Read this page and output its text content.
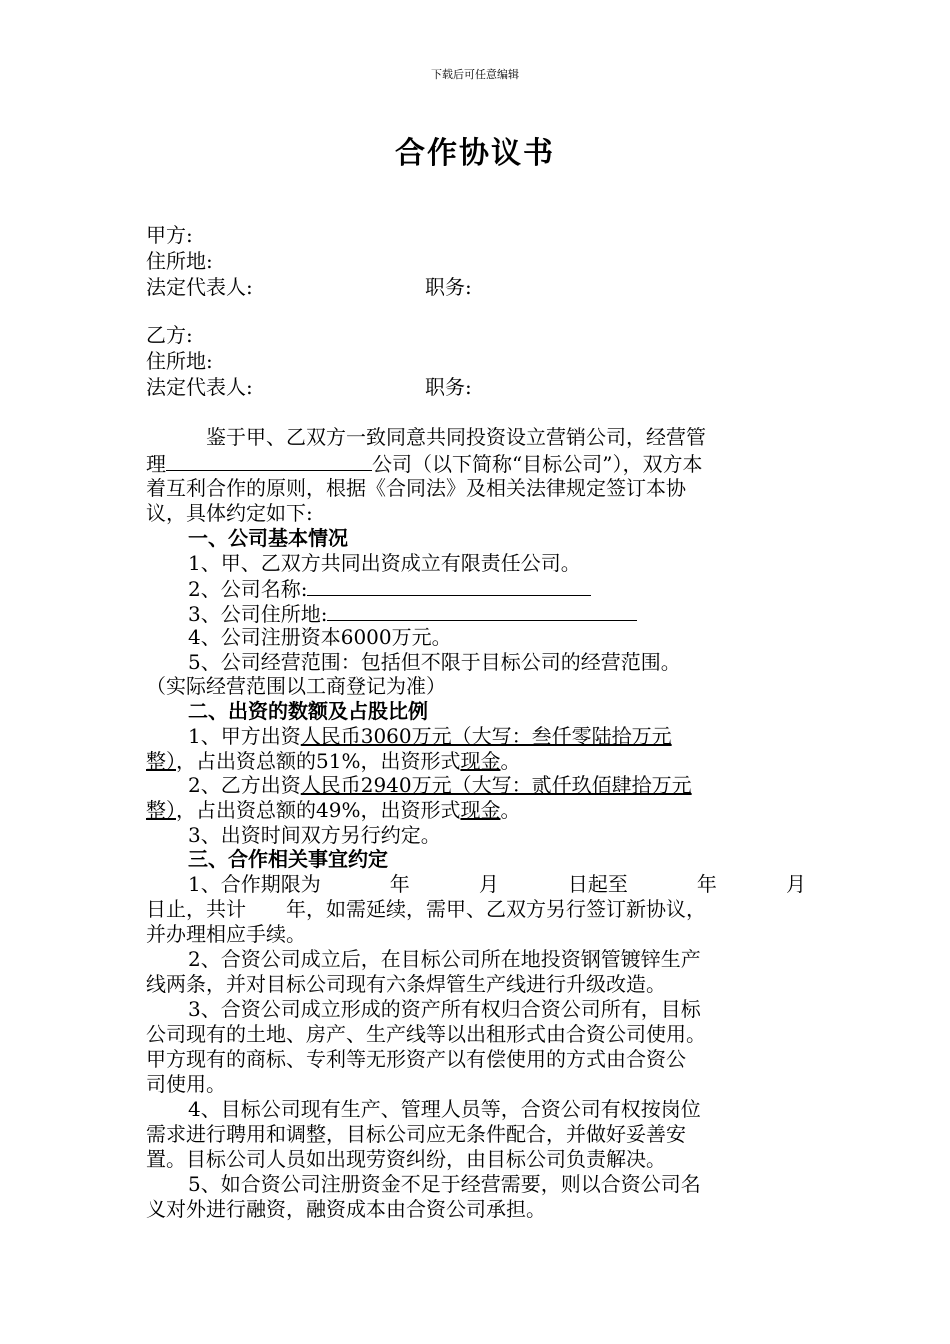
下载后可任意编辑
合作协议书
甲方:
住所地:
法定代表人:	职务:
乙方:
住所地:
法定代表人:	职务:
鉴于甲、乙双方一致同意共同投资设立营销公司，经营管
理	公司（以下简称“目标公司”），双方本
着互利合作的原则，根据《合同法》及相关法律规定签订本协
议，具体约定如下:
一、公司基本情况
1、甲、乙双方共同出资成立有限责任公司。
2、公司名称:
3、公司住所地:
4、公司注册资本6000万元。
5、公司经营范围：包括但不限于目标公司的经营范围。
（实际经营范围以工商登记为准）
二、出资的数额及占股比例
1、甲方出资人民币3060万元（大写：叁仟零陆拾万元
整），占出资总额的51%，出资形式现金。
2、乙方出资人民币2940万元（大写：贰仟玖佰肆拾万元
整），占出资总额的49%，出资形式现金。
3、出资时间双方另行约定。
三、合作相关事宜约定
1、合作期限为	年	月	日起至	年	月
日止，共计　　年，如需延续，需甲、乙双方另行签订新协议，
并办理相应手续。
2、合资公司成立后，在目标公司所在地投资钢管镀锌生产
线两条，并对目标公司现有六条焊管生产线进行升级改造。
3、合资公司成立形成的资产所有权归合资公司所有，目标
公司现有的土地、房产、生产线等以出租形式由合资公司使用。
甲方现有的商标、专利等无形资产以有偿使用的方式由合资公
司使用。
4、目标公司现有生产、管理人员等，合资公司有权按岗位
需求进行聘用和调整，目标公司应无条件配合，并做好妥善安
置。目标公司人员如出现劳资纠纷，由目标公司负责解决。
5、如合资公司注册资金不足于经营需要，则以合资公司名
义对外进行融资，融资成本由合资公司承担。
